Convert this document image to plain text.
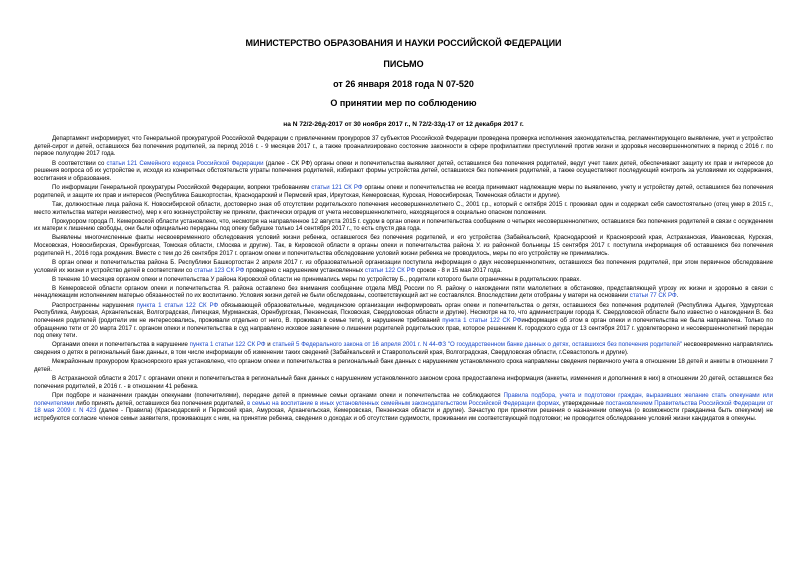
МИНИСТЕРСТВО ОБРАЗОВАНИЯ И НАУКИ РОССИЙСКОЙ ФЕДЕРАЦИИ

ПИСЬМО

от 26 января 2018 года N 07-520

О принятии мер по соблюдению

на N 72/2-26д-2017 от 30 ноября 2017 г., N 72/2-33д-17 от 12 декабря 2017 г.

Департамент информирует, что Генеральной прокуратурой Российской Федерации с привлечением прокуроров 37 субъектов Российской Федерации проведена проверка исполнения законодательства, регламентирующего выявление, учет и устройство детей-сирот и детей, оставшихся без попечения родителей, за период 2016 г. - 9 месяцев 2017 г., а также проанализировано состояние законности в сфере профилактики преступлений против жизни и здоровья несовершеннолетних в период с 2016 г. по первое полугодие 2017 года.

В соответствии со статьи 121 Семейного кодекса Российской Федерации (далее - СК РФ) органы опеки и попечительства выявляют детей, оставшихся без попечения родителей, ведут учет таких детей, обеспечивают защиту их прав и интересов до решения вопроса об их устройстве и, исходя из конкретных обстоятельств утраты попечения родителей, избирают формы устройства детей, оставшихся без попечения родителей, а также осуществляют последующий контроль за условиями их содержания, воспитания и образования.

По информации Генеральной прокуратуры Российской Федерации, вопреки требованиям статьи 121 СК РФ органы опеки и попечительства не всегда принимают надлежащие меры по выявлению, учету и устройству детей, оставшихся без попечения родителей, и защите их прав и интересов (Республика Башкортостан, Краснодарский и Пермский края, Иркутская, Кемеровская, Курская, Новосибирская, Тюменская области и другие).

Так, должностные лица района К. Новосибирской области, достоверно зная об отсутствии родительского попечения несовершеннолетнего С., 2001 г.р., который с октября 2015 г. проживал один и содержал себя самостоятельно (отец умер в 2015 г., место жительства матери неизвестно), мер к его жизнеустройству не приняли, фактически оградив от учета несовершеннолетнего, находящегося в социально опасном положении.

Прокурором города П. Кемеровской области установлено, что, несмотря на направленное 12 августа 2015 г. судом в орган опеки и попечительства сообщение о четырех несовершеннолетних, оставшихся без попечения родителей в связи с осуждением их матери к лишению свободы, они были официально переданы под опеку бабушке только 14 сентября 2017 г., то есть спустя два года.

Выявлены многочисленные факты несвоевременного обследования условий жизни ребенка, оставшегося без попечения родителей, и его устройства (Забайкальский, Краснодарский и Красноярский края, Астраханская, Ивановская, Курская, Московская, Новосибирская, Оренбургская, Томская области, г.Москва и другие). Так, в Кировской области в органы опеки и попечительства района У. из районной больницы 15 сентября 2017 г. поступила информация об оставшемся без попечения родителей Н., 2016 года рождения. Вместе с тем до 26 сентября 2017 г. органом опеки и попечительства обследование условий жизни ребенка не проводилось, меры по его устройству не принимались.

В орган опеки и попечительства района Б. Республики Башкортостан 2 апреля 2017 г. из образовательной организации поступила информация о двух несовершеннолетних, оставшихся без попечения родителей, при этом первичное обследование условий их жизни и устройство детей в соответствии со статьи 123 СК РФ проведено с нарушением установленных статьи 122 СК РФ сроков - 8 и 15 мая 2017 года.

В течение 10 месяцев органом опеки и попечительства У района Кировской области не принимались меры по устройству Б., родители которого были ограничены в родительских правах.

В Кемеровской области органом опеки и попечительства Я. района оставлено без внимания сообщение отдела МВД России по Я. району о нахождении пяти малолетних в обстановке, представляющей угрозу их жизни и здоровью в связи с ненадлежащим исполнением матерью обязанностей по их воспитанию. Условия жизни детей не были обследованы, соответствующий акт не составлялся. Впоследствии дети отобраны у матери на основании статьи 77 СК РФ.

Распространены нарушения пункта 1 статьи 122 СК РФ обязывающей образовательные, медицинские организации информировать орган опеки и попечительства о детях, оставшихся без попечения родителей (Республика Адыгея, Удмуртская Республика, Амурская, Архангельская, Волгоградская, Липецкая, Мурманская, Оренбургская, Пензенская, Псковская, Свердловская области и другие). Несмотря на то, что администрации города К. Свердловской области было известно о нахождении В. без попечения родителей (родители им не интересовались, проживали отдельно от него, В. проживал в семье тети), в нарушение требований пункта 1 статьи 122 СК РФинформация об этом в орган опеки и попечительства не была направлена. Только по обращению тети от 20 марта 2017 г. органом опеки и попечительства в суд направлено исковое заявление о лишении родителей родительских прав, которое решением К. городского суда от 13 сентября 2017 г. удовлетворено и несовершеннолетний передан под опеку тети.

Органами опеки и попечительства в нарушение пункта 1 статьи 122 СК РФ и статьей 5 Федерального закона от 16 апреля 2001 г. N 44-ФЗ "О государственном банке данных о детях, оставшихся без попечения родителей" несвоевременно направлялись сведения о детях в региональный банк данных, в том числе информации об изменении таких сведений (Забайкальский и Ставропольский края, Волгоградская, Свердловская области, г.Севастополь и другие).

Межрайонным прокурором Красноярского края установлено, что органом опеки и попечительства в региональный банк данных с нарушением установленного срока направлены сведения первичного учета в отношении 18 детей и анкеты в отношении 7 детей.

В Астраханской области в 2017 г. органами опеки и попечительства в региональный банк данных с нарушением установленного законом срока предоставлена информация (анкеты, изменения и дополнения в них) в отношении 20 детей, оставшихся без попечения родителей, в 2016 г. - в отношении 41 ребенка.

При подборе и назначении граждан опекунами (попечителями), передаче детей в приемные семьи органами опеки и попечительства не соблюдаются Правила подбора, учета и подготовки граждан, выразивших желание стать опекунами или попечителями либо принять детей, оставшихся без попечения родителей, в семью на воспитание в иных установленных семейным законодательством Российской Федерации формах, утвержденные постановлением Правительства Российской Федерации от 18 мая 2009 г. N 423 (далее - Правила) (Краснодарский и Пермский края, Амурская, Архангельская, Кемеровская, Пензенская области и другие). Зачастую при принятии решения о назначении опекуна (о возможности гражданина быть опекуном) не истребуются согласие членов семьи заявителя, проживающих с ним, на принятие ребенка, сведения о доходах и об отсутствии судимости, проживании им соответствующей подготовки; не проводится обследование условий жизни кандидатов в опекуны.
